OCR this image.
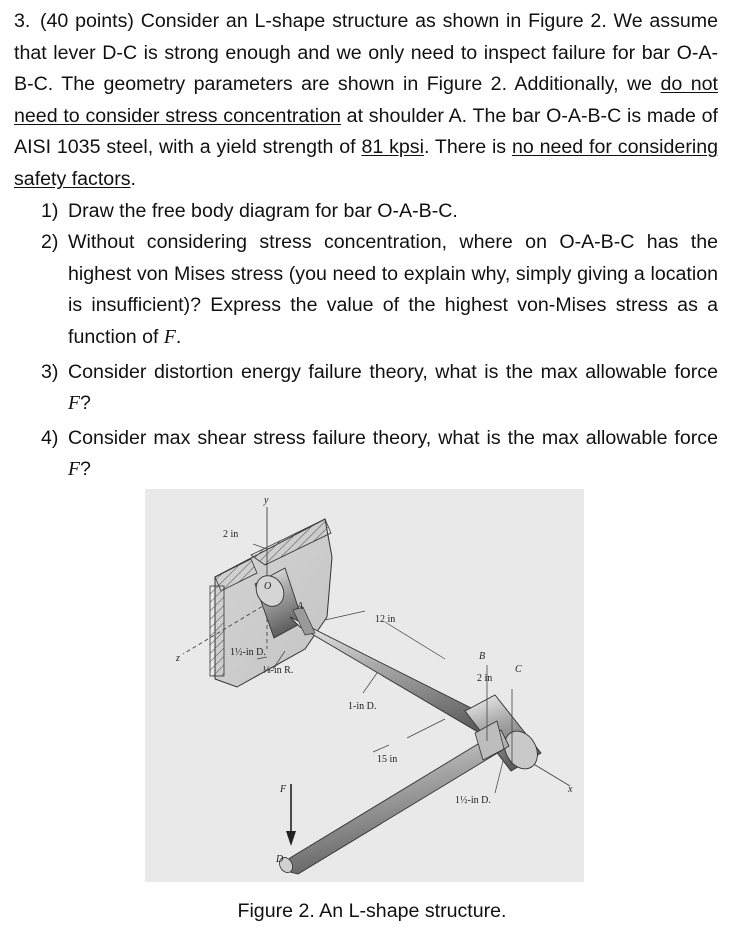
3. (40 points) Consider an L-shape structure as shown in Figure 2. We assume that lever D-C is strong enough and we only need to inspect failure for bar O-A-B-C. The geometry parameters are shown in Figure 2. Additionally, we do not need to consider stress concentration at shoulder A. The bar O-A-B-C is made of AISI 1035 steel, with a yield strength of 81 kpsi. There is no need for considering safety factors.

1) Draw the free body diagram for bar O-A-B-C.

2) Without considering stress concentration, where on O-A-B-C has the highest von Mises stress (you need to explain why, simply giving a location is insufficient)? Express the value of the highest von-Mises stress as a function of F.

3) Consider distortion energy failure theory, what is the max allowable force F?

4) Consider max shear stress failure theory, what is the max allowable force F?

y
2 in
O
A
12 in
1½-in D.
⅛-in R.
z	B
C
2 in
1-in D.
15 in
1½-in D.
x
F
D
Figure 2. An L-shape structure.
